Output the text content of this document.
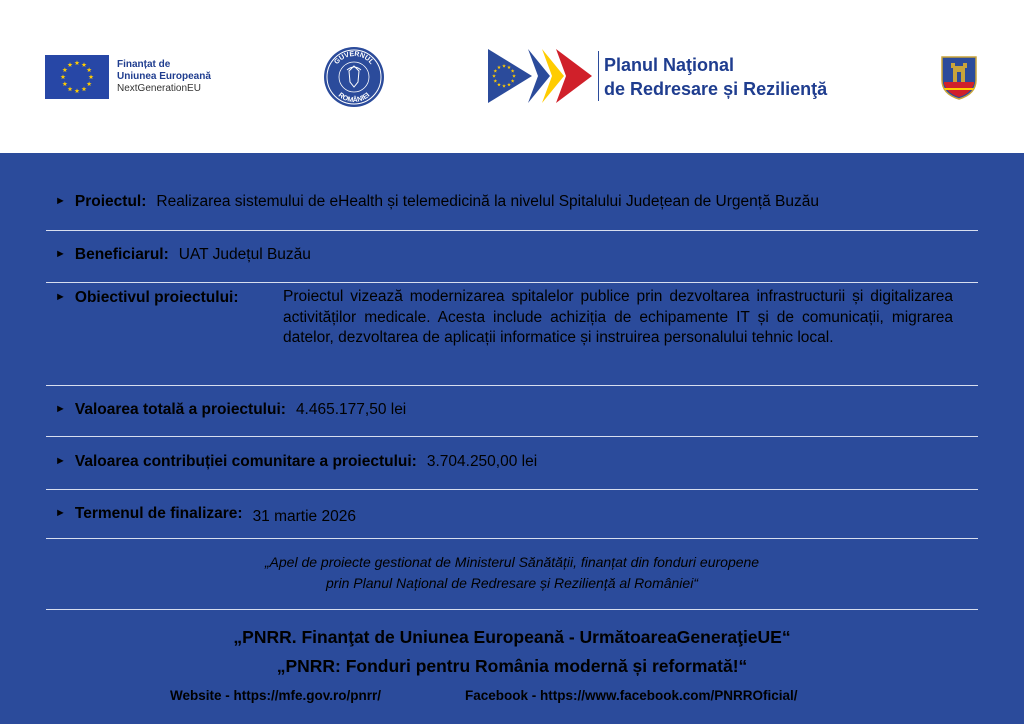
Finanțat de
Uniunea Europeană
NextGenerationEU
GUVERNUL
ROMÂNIEI
Planul Naţional
de Redresare și Rezilienţă
► Proiectul: Realizarea sistemului de eHealth și telemedicină la nivelul Spitalului Județean de Urgență Buzău
► Beneficiarul: UAT Județul Buzău
► Obiectivul proiectului:	Proiectul vizează modernizarea spitalelor publice prin dezvoltarea infrastructurii și digitalizarea activităților medicale. Acesta include achiziția de echipamente IT și de comunicații, migrarea datelor, dezvoltarea de aplicații informatice și instruirea personalului tehnic local.
► Valoarea totală a proiectului: 4.465.177,50 lei
► Valoarea contribuției comunitare a proiectului: 3.704.250,00 lei
► Termenul de finalizare: 31 martie 2026
„Apel de proiecte gestionat de Ministerul Sănătății, finanțat din fonduri europene
prin Planul Național de Redresare și Reziliență al României“
„PNRR. Finanţat de Uniunea Europeană - UrmătoareaGeneraţieUE“
„PNRR: Fonduri pentru România modernă și reformată!“
Website - https://mfe.gov.ro/pnrr/	Facebook - https://www.facebook.com/PNRROficial/
